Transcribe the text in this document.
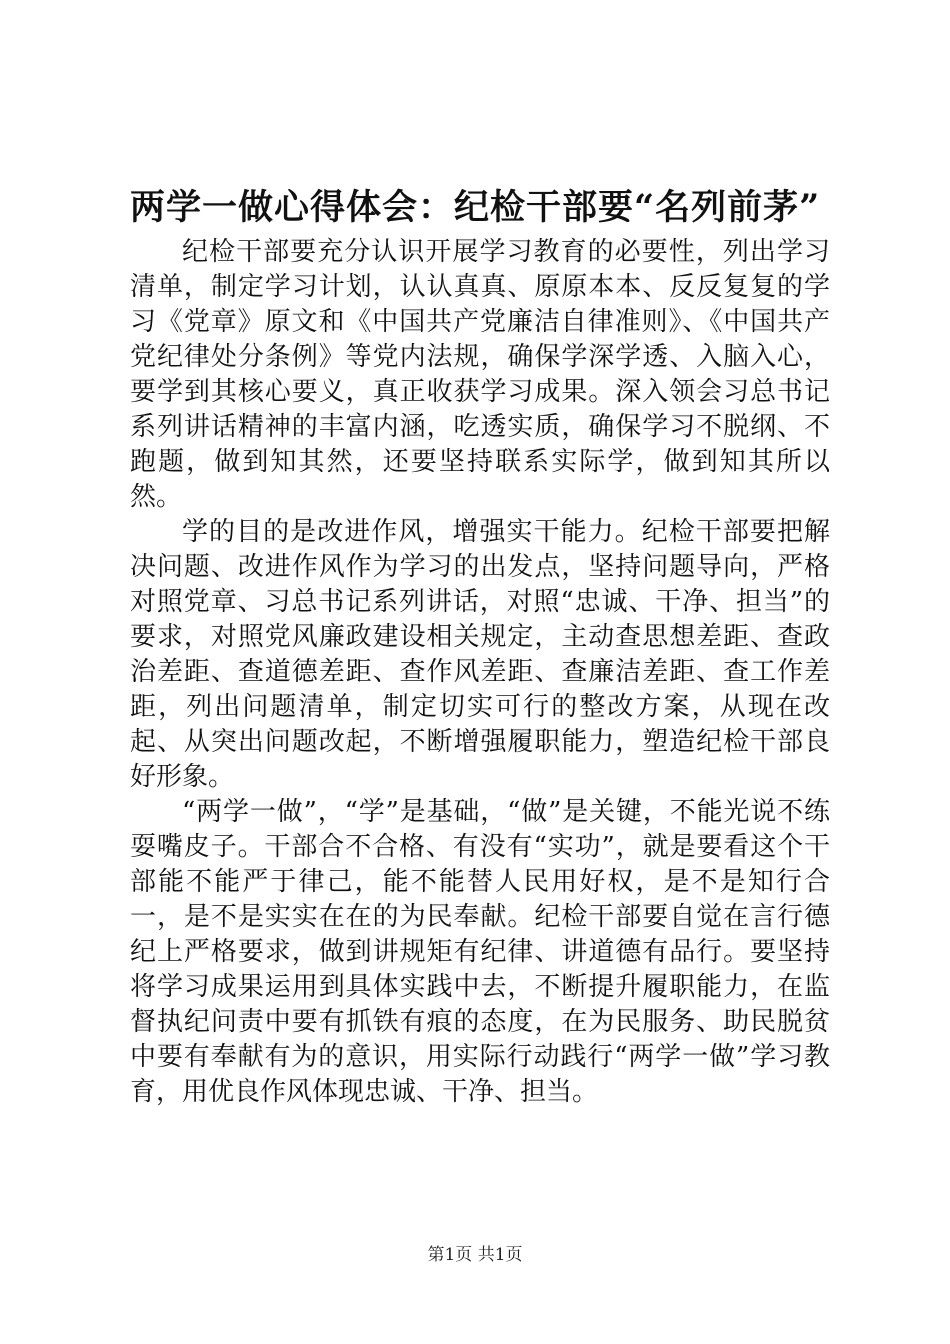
两学一做心得体会：纪检干部要“名列前茅”

纪检干部要充分认识开展学习教育的必要性，列出学习清单，制定学习计划，认认真真、原原本本、反反复复的学习《党章》原文和《中国共产党廉洁自律准则》、《中国共产党纪律处分条例》等党内法规，确保学深学透、入脑入心，要学到其核心要义，真正收获学习成果。深入领会习总书记系列讲话精神的丰富内涵，吃透实质，确保学习不脱纲、不跑题，做到知其然，还要坚持联系实际学，做到知其所以然。

学的目的是改进作风，增强实干能力。纪检干部要把解决问题、改进作风作为学习的出发点，坚持问题导向，严格对照党章、习总书记系列讲话，对照“忠诚、干净、担当”的要求，对照党风廉政建设相关规定，主动查思想差距、查政治差距、查道德差距、查作风差距、查廉洁差距、查工作差距，列出问题清单，制定切实可行的整改方案，从现在改起、从突出问题改起，不断增强履职能力，塑造纪检干部良好形象。

“两学一做”，“学”是基础，“做”是关键，不能光说不练耍嘴皮子。干部合不合格、有没有“实功”，就是要看这个干部能不能严于律己，能不能替人民用好权，是不是知行合一，是不是实实在在的为民奉献。纪检干部要自觉在言行德纪上严格要求，做到讲规矩有纪律、讲道德有品行。要坚持将学习成果运用到具体实践中去，不断提升履职能力，在监督执纪问责中要有抓铁有痕的态度，在为民服务、助民脱贫中要有奉献有为的意识，用实际行动践行“两学一做”学习教育，用优良作风体现忠诚、干净、担当。

第1页 共1页
